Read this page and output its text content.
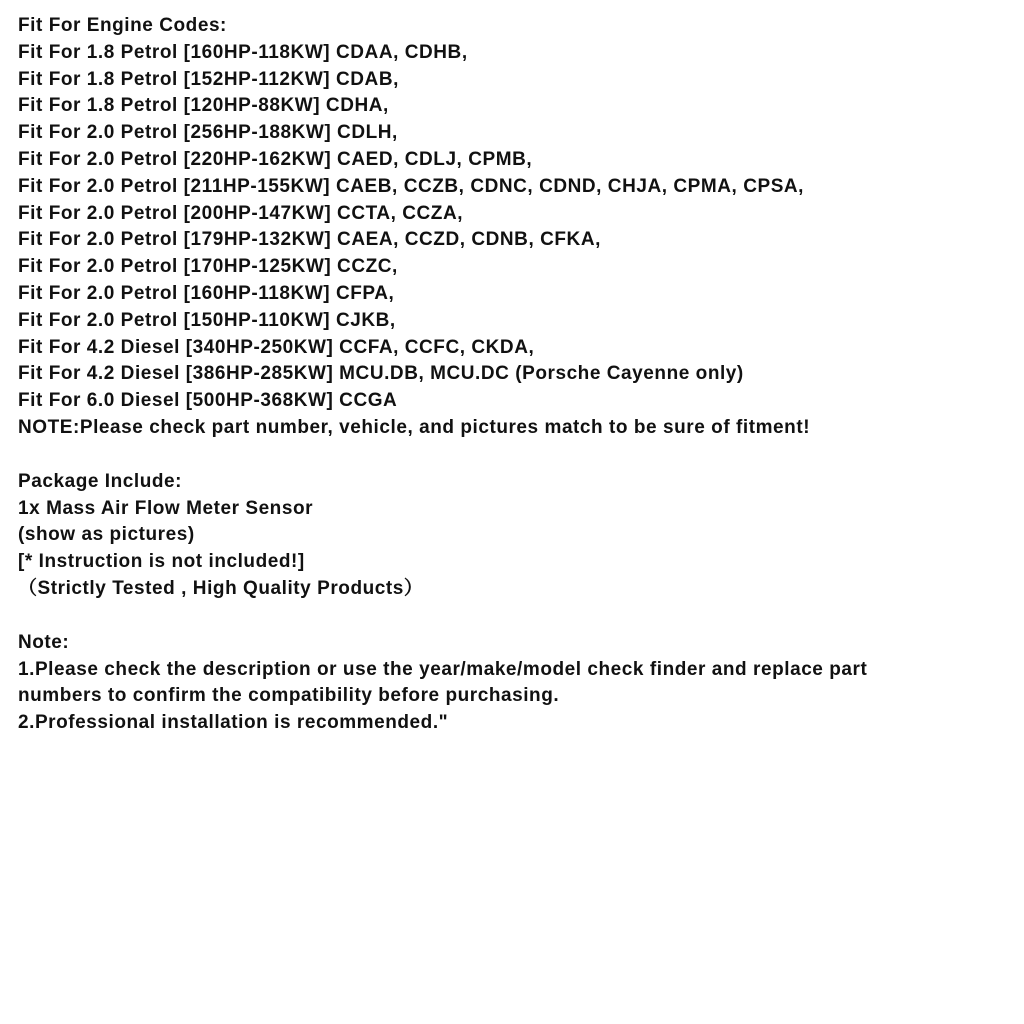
Fit For Engine Codes:
Fit For 1.8 Petrol [160HP-118KW] CDAA, CDHB,
Fit For 1.8 Petrol [152HP-112KW] CDAB,
Fit For 1.8 Petrol [120HP-88KW] CDHA,
Fit For 2.0 Petrol [256HP-188KW] CDLH,
Fit For 2.0 Petrol [220HP-162KW] CAED, CDLJ, CPMB,
Fit For 2.0 Petrol [211HP-155KW] CAEB, CCZB, CDNC, CDND, CHJA, CPMA, CPSA,
Fit For 2.0 Petrol [200HP-147KW] CCTA, CCZA,
Fit For 2.0 Petrol [179HP-132KW] CAEA, CCZD, CDNB, CFKA,
Fit For 2.0 Petrol [170HP-125KW] CCZC,
Fit For 2.0 Petrol [160HP-118KW] CFPA,
Fit For 2.0 Petrol [150HP-110KW] CJKB,
Fit For 4.2 Diesel [340HP-250KW] CCFA, CCFC, CKDA,
Fit For 4.2 Diesel [386HP-285KW] MCU.DB, MCU.DC (Porsche Cayenne only)
Fit For 6.0 Diesel [500HP-368KW] CCGA
NOTE:Please check part number, vehicle, and pictures match to be sure of fitment!
Package Include:
1x Mass Air Flow Meter Sensor
(show as pictures)
[* Instruction is not included!]
（Strictly Tested , High Quality Products）
Note:
1.Please check the description or use the year/make/model check finder and replace part
numbers to confirm the compatibility before purchasing.
2.Professional installation is recommended."
